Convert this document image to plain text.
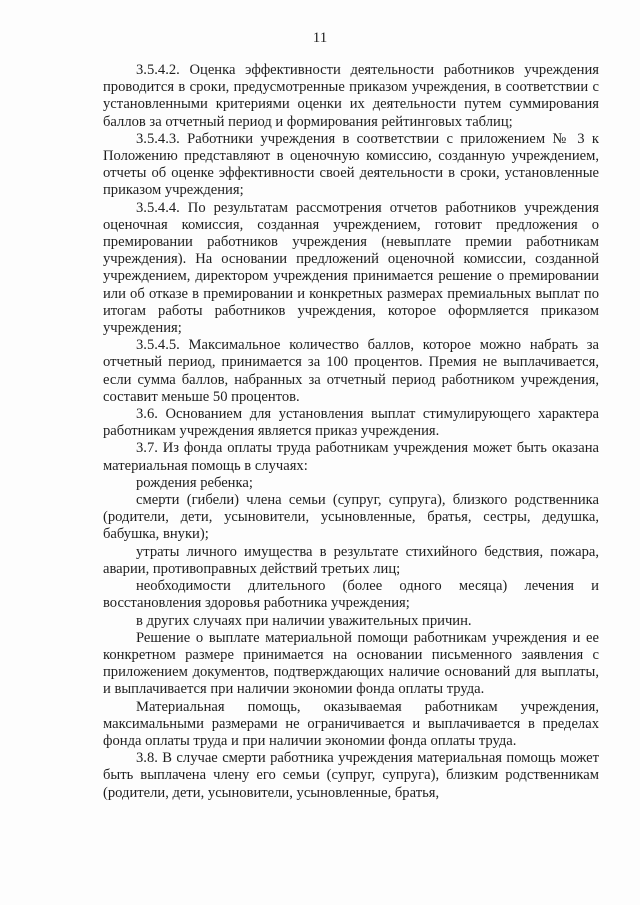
11

3.5.4.2. Оценка эффективности деятельности работников учреждения проводится в сроки, предусмотренные приказом учреждения, в соответствии с установленными критериями оценки их деятельности путем суммирования баллов за отчетный период и формирования рейтинговых таблиц;

3.5.4.3. Работники учреждения в соответствии с приложением № 3 к Положению представляют в оценочную комиссию, созданную учреждением, отчеты об оценке эффективности своей деятельности в сроки, установленные приказом учреждения;

3.5.4.4. По результатам рассмотрения отчетов работников учреждения оценочная комиссия, созданная учреждением, готовит предложения о премировании работников учреждения (невыплате премии работникам учреждения). На основании предложений оценочной комиссии, созданной учреждением, директором учреждения принимается решение о премировании или об отказе в премировании и конкретных размерах премиальных выплат по итогам работы работников учреждения, которое оформляется приказом учреждения;

3.5.4.5. Максимальное количество баллов, которое можно набрать за отчетный период, принимается за 100 процентов. Премия не выплачивается, если сумма баллов, набранных за отчетный период работником учреждения, составит меньше 50 процентов.

3.6. Основанием для установления выплат стимулирующего характера работникам учреждения является приказ учреждения.

3.7. Из фонда оплаты труда работникам учреждения может быть оказана материальная помощь в случаях:

рождения ребенка;

смерти (гибели) члена семьи (супруг, супруга), близкого родственника (родители, дети, усыновители, усыновленные, братья, сестры, дедушка, бабушка, внуки);

утраты личного имущества в результате стихийного бедствия, пожара, аварии, противоправных действий третьих лиц;

необходимости длительного (более одного месяца) лечения и восстановления здоровья работника учреждения;

в других случаях при наличии уважительных причин.

Решение о выплате материальной помощи работникам учреждения и ее конкретном размере принимается на основании письменного заявления с приложением документов, подтверждающих наличие оснований для выплаты, и выплачивается при наличии экономии фонда оплаты труда.

Материальная помощь, оказываемая работникам учреждения, максимальными размерами не ограничивается и выплачивается в пределах фонда оплаты труда и при наличии экономии фонда оплаты труда.

3.8. В случае смерти работника учреждения материальная помощь может быть выплачена члену его семьи (супруг, супруга), близким родственникам (родители, дети, усыновители, усыновленные, братья,
